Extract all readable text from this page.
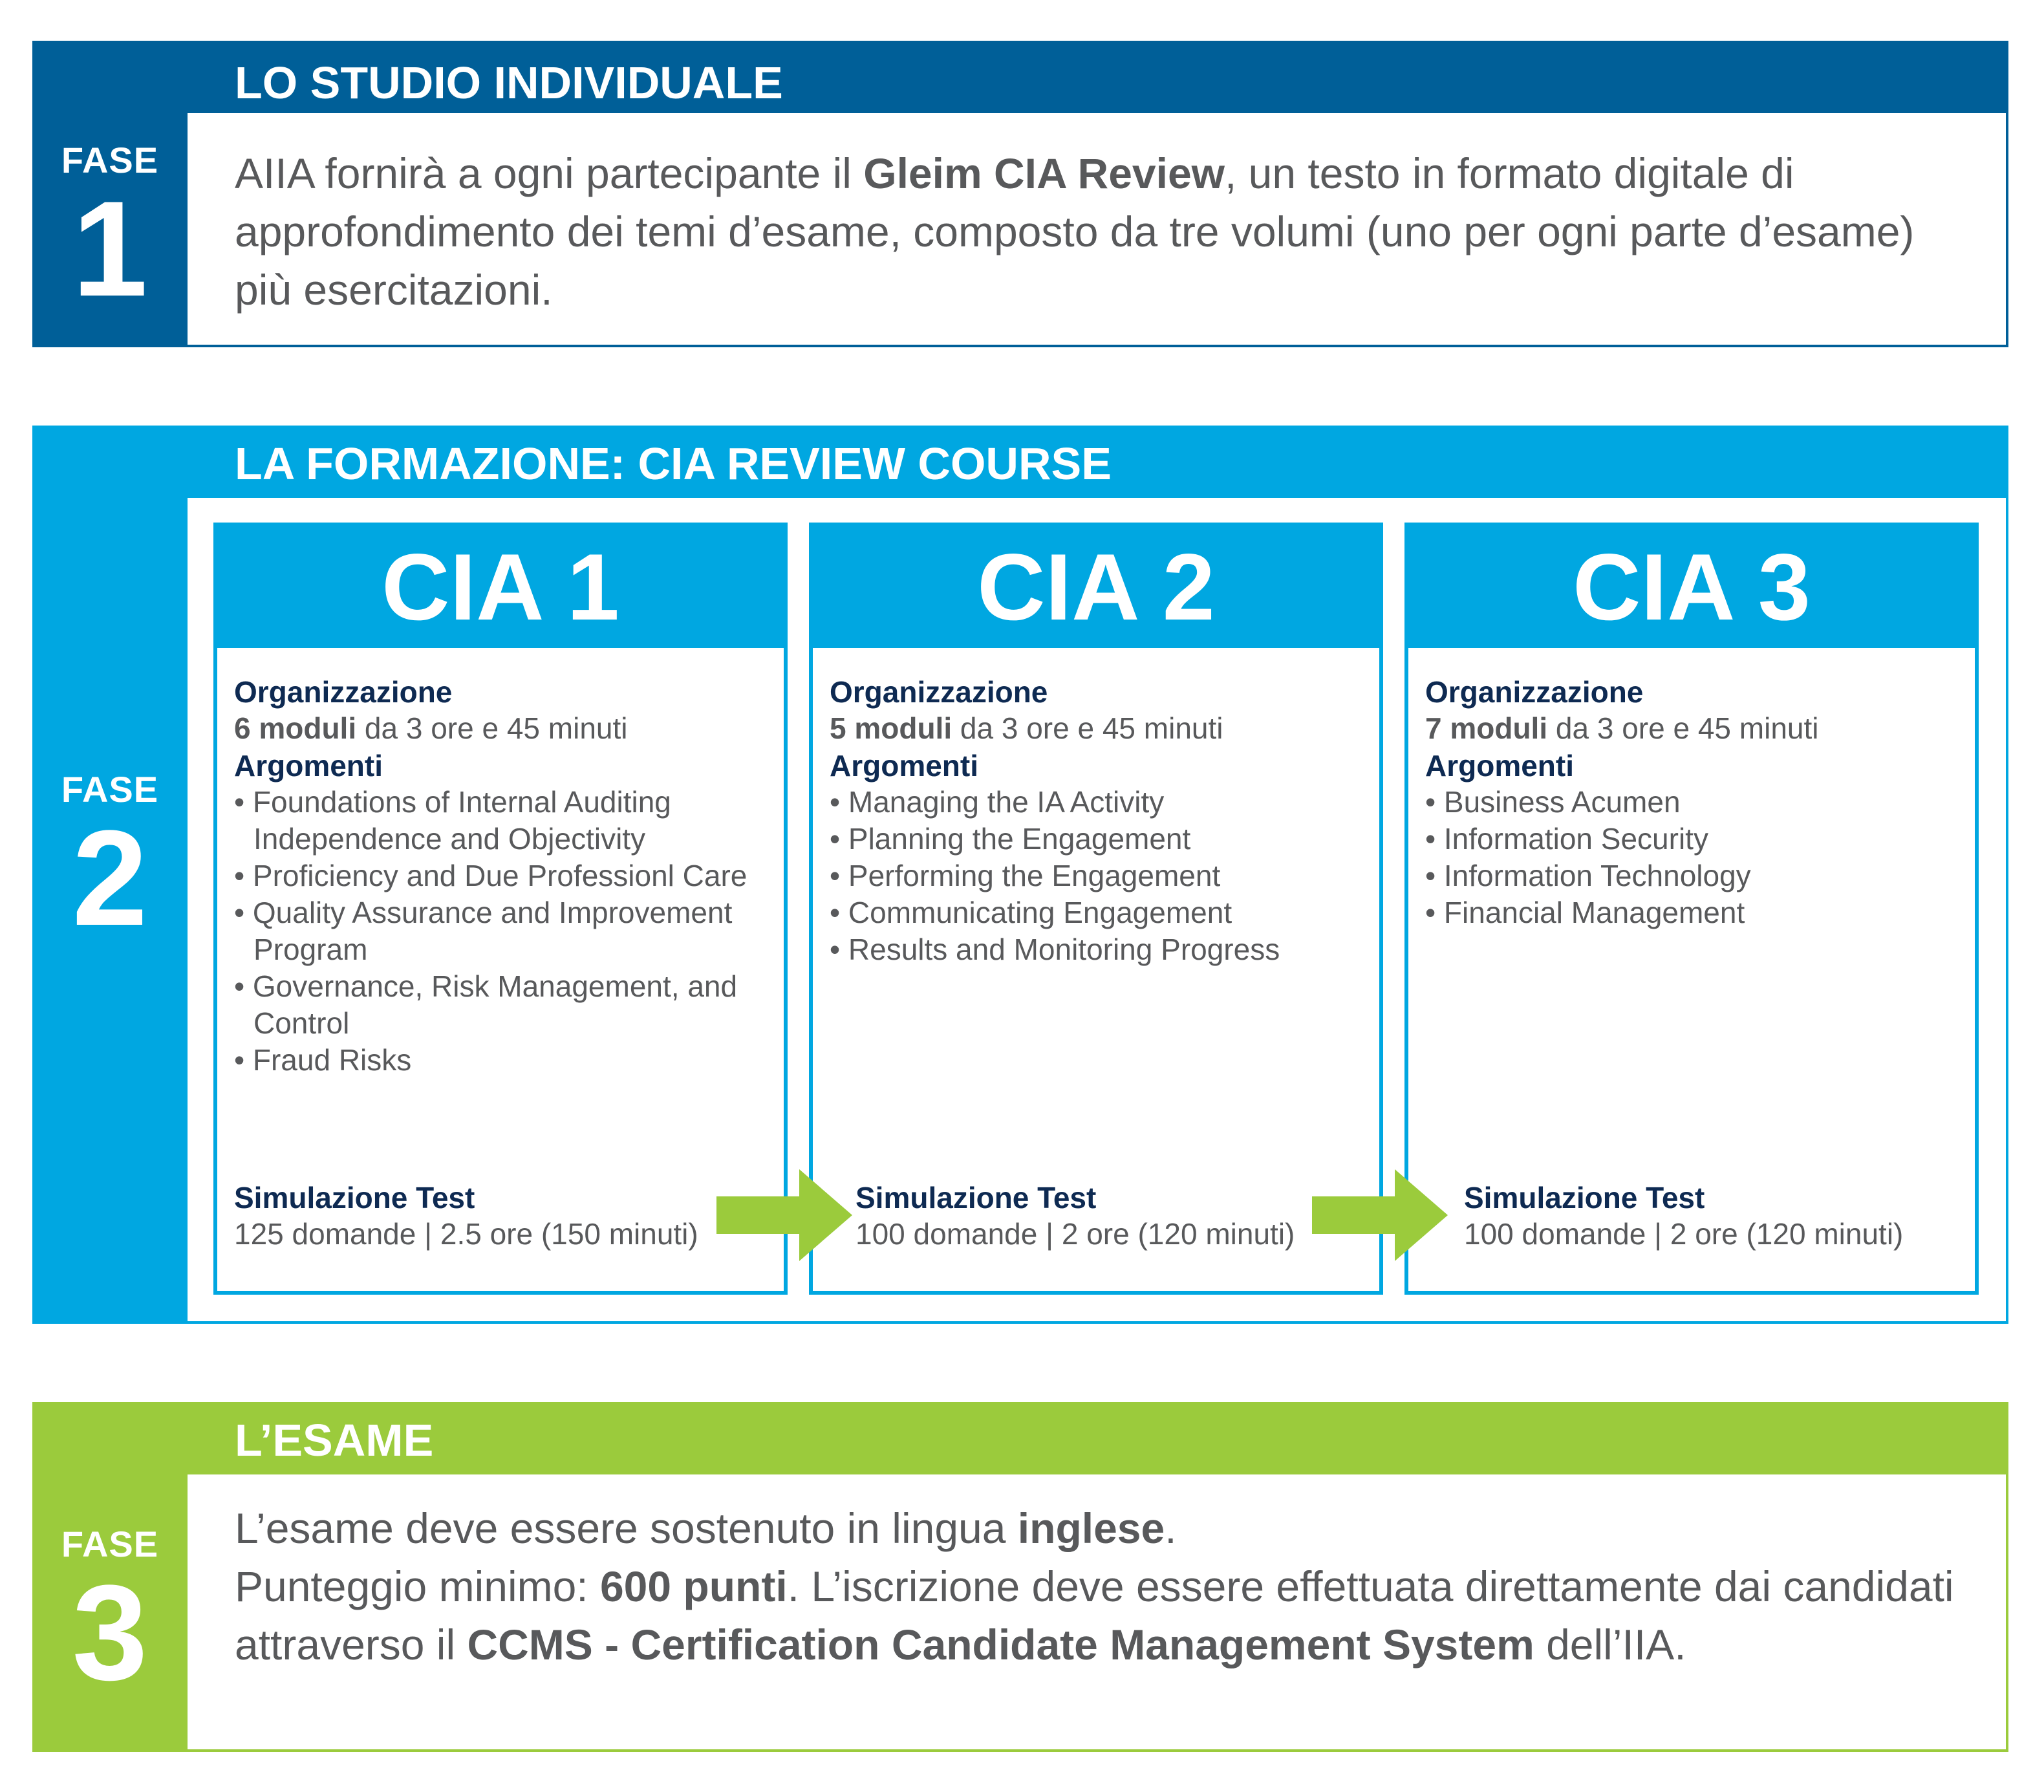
FASE
1
LO STUDIO INDIVIDUALE

AIIA fornirà a ogni partecipante il Gleim CIA Review, un testo in formato digitale di approfondimento dei temi d’esame, composto da tre volumi (uno per ogni parte d’esame) più esercitazioni.

FASE
2
LA FORMAZIONE: CIA REVIEW COURSE
CIA 1
Organizzazione
6 moduli da 3 ore e 45 minuti
Argomenti
• Foundations of Internal Auditing Independence and Objectivity
• Proficiency and Due Professionl Care
• Quality Assurance and Improvement Program
• Governance, Risk Management, and Control
• Fraud Risks
Simulazione Test
125 domande | 2.5 ore (150 minuti)
CIA 2
Organizzazione
5 moduli da 3 ore e 45 minuti
Argomenti
• Managing the IA Activity
• Planning the Engagement
• Performing the Engagement
• Communicating Engagement
• Results and Monitoring Progress
Simulazione Test
100 domande | 2 ore (120 minuti)
CIA 3
Organizzazione
7 moduli da 3 ore e 45 minuti
Argomenti
• Business Acumen
• Information Security
• Information Technology
• Financial Management
Simulazione Test
100 domande | 2 ore (120 minuti)
FASE
3
L’ESAME

L’esame deve essere sostenuto in lingua inglese.

Punteggio minimo: 600 punti. L’iscrizione deve essere effettuata direttamente dai candidati attraverso il CCMS - Certification Candidate Management System dell’IIA.
